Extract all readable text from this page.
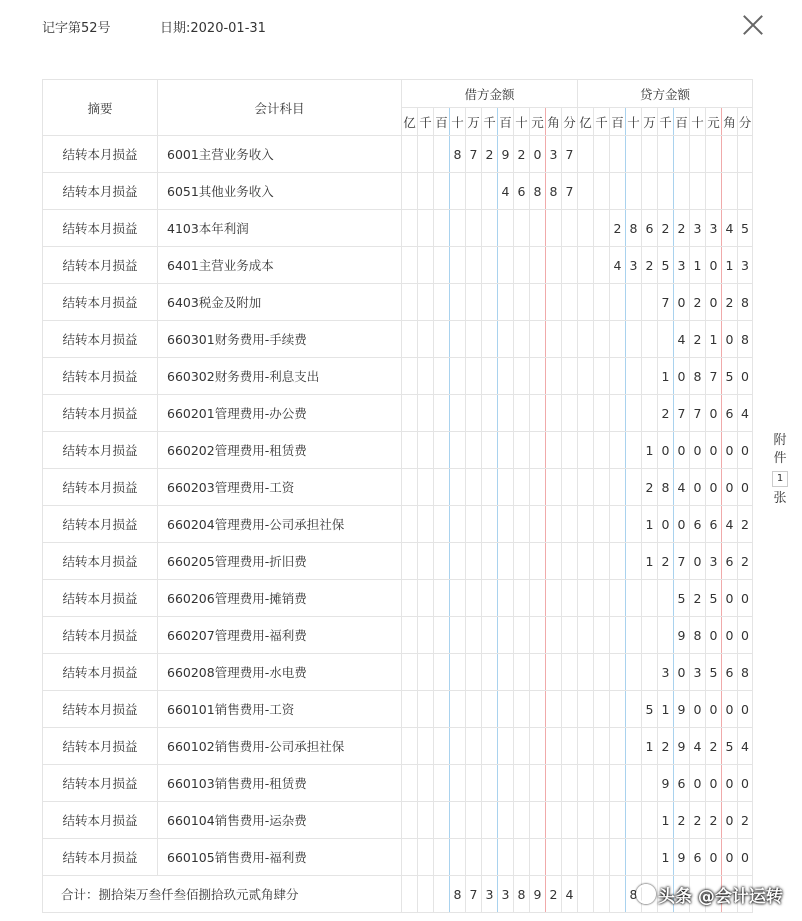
记字第52号	日期:2020-01-31
摘要	会计科目	借方金额											贷方金额										
		亿	千	百	十	万	千	百	十	元	角	分	亿	千	百	十	万	千	百	十	元	角	分
结转本月损益	6001主营业务收入				8	7	2	9	2	0	3	7											
结转本月损益	6051其他业务收入							4	6	8	8	7											
结转本月损益	4103本年利润														2	8	6	2	2	3	3	4	5
结转本月损益	6401主营业务成本														4	3	2	5	3	1	0	1	3
结转本月损益	6403税金及附加																	7	0	2	0	2	8
结转本月损益	660301财务费用-手续费																		4	2	1	0	8
结转本月损益	660302财务费用-利息支出																	1	0	8	7	5	0
结转本月损益	660201管理费用-办公费																	2	7	7	0	6	4
结转本月损益	660202管理费用-租赁费																1	0	0	0	0	0	0
结转本月损益	660203管理费用-工资																2	8	4	0	0	0	0
结转本月损益	660204管理费用-公司承担社保																1	0	0	6	6	4	2
结转本月损益	660205管理费用-折旧费																1	2	7	0	3	6	2
结转本月损益	660206管理费用-摊销费																		5	2	5	0	0
结转本月损益	660207管理费用-福利费																		9	8	0	0	0
结转本月损益	660208管理费用-水电费																	3	0	3	5	6	8
结转本月损益	660101销售费用-工资																5	1	9	0	0	0	0
结转本月损益	660102销售费用-公司承担社保																1	2	9	4	2	5	4
结转本月损益	660103销售费用-租赁费																	9	6	0	0	0	0
结转本月损益	660104销售费用-运杂费																	1	2	2	2	0	2
结转本月损益	660105销售费用-福利费																	1	9	6	0	0	0
合计：捌拾柒万叁仟叁佰捌拾玖元贰角肆分					8	7	3	3	8	9	2	4				8							
附
件
1
张
头条 @会计运转
